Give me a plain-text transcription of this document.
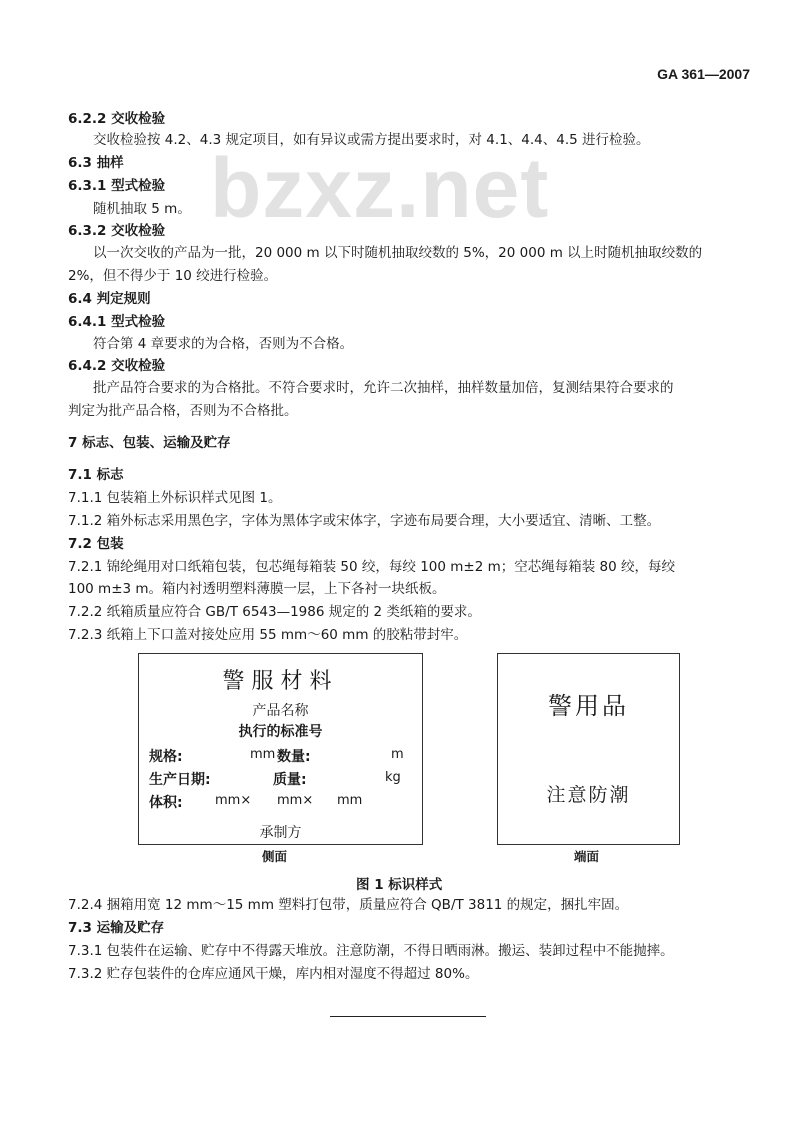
GA 361—2007
bzxz.net
6.2.2 交收检验
交收检验按 4.2、4.3 规定项目，如有异议或需方提出要求时，对 4.1、4.4、4.5 进行检验。
6.3 抽样
6.3.1 型式检验
随机抽取 5 m。
6.3.2 交收检验
以一次交收的产品为一批，20 000 m 以下时随机抽取绞数的 5%，20 000 m 以上时随机抽取绞数的
2%，但不得少于 10 绞进行检验。
6.4 判定规则
6.4.1 型式检验
符合第 4 章要求的为合格，否则为不合格。
6.4.2 交收检验
批产品符合要求的为合格批。不符合要求时，允许二次抽样，抽样数量加倍，复测结果符合要求的
判定为批产品合格，否则为不合格批。
7 标志、包装、运输及贮存
7.1 标志
7.1.1 包装箱上外标识样式见图 1。
7.1.2 箱外标志采用黑色字，字体为黑体字或宋体字，字迹布局要合理，大小要适宜、清晰、工整。
7.2 包装
7.2.1 锦纶绳用对口纸箱包装，包芯绳每箱装 50 绞，每绞 100 m±2 m；空芯绳每箱装 80 绞，每绞
100 m±3 m。箱内衬透明塑料薄膜一层，上下各衬一块纸板。
7.2.2 纸箱质量应符合 GB/T 6543—1986 规定的 2 类纸箱的要求。
7.2.3 纸箱上下口盖对接处应用 55 mm～60 mm 的胶粘带封牢。
7.2.4 捆箱用宽 12 mm～15 mm 塑料打包带，质量应符合 QB/T 3811 的规定，捆扎牢固。
7.3 运输及贮存
7.3.1 包装件在运输、贮存中不得露天堆放。注意防潮，不得日晒雨淋。搬运、装卸过程中不能抛摔。
7.3.2 贮存包装件的仓库应通风干燥，库内相对湿度不得超过 80%。
警服材料
产品名称
执行的标准号
规格:	mm 数量:	m
生产日期:	质量:	kg
体积: mm× mm× mm
承制方
侧面
警用品
注意防潮
端面
图 1 标识样式
